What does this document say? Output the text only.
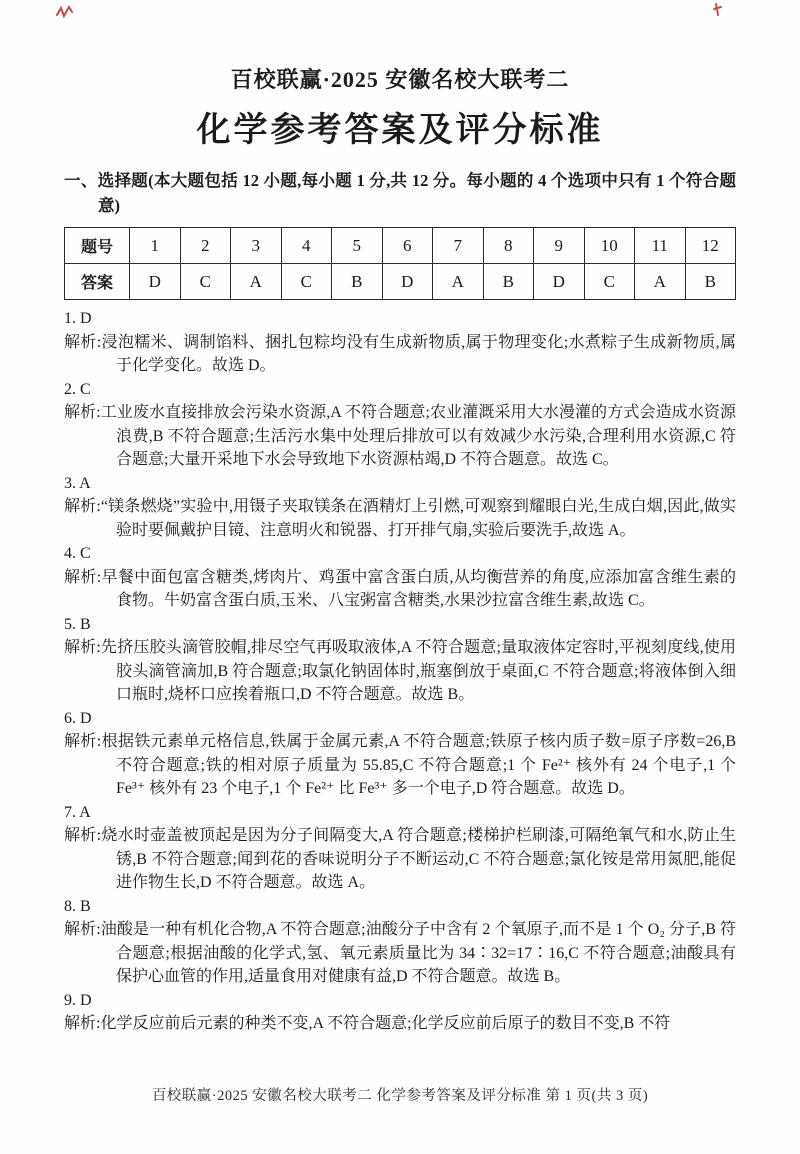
百校联赢·2025 安徽名校大联考二
化学参考答案及评分标准

一、选择题(本大题包括 12 小题,每小题 1 分,共 12 分。每小题的 4 个选项中只有 1 个符合题意)

题号	1	2	3	4	5	6	7	8	9	10	11	12
答案	D	C	A	C	B	D	A	B	D	C	A	B
1. D

解析:浸泡糯米、调制馅料、捆扎包粽均没有生成新物质,属于物理变化;水煮粽子生成新物质,属于化学变化。故选 D。

2. C

解析:工业废水直接排放会污染水资源,A 不符合题意;农业灌溉采用大水漫灌的方式会造成水资源浪费,B 不符合题意;生活污水集中处理后排放可以有效减少水污染,合理利用水资源,C 符合题意;大量开采地下水会导致地下水资源枯竭,D 不符合题意。故选 C。

3. A

解析:“镁条燃烧”实验中,用镊子夹取镁条在酒精灯上引燃,可观察到耀眼白光,生成白烟,因此,做实验时要佩戴护目镜、注意明火和锐器、打开排气扇,实验后要洗手,故选 A。

4. C

解析:早餐中面包富含糖类,烤肉片、鸡蛋中富含蛋白质,从均衡营养的角度,应添加富含维生素的食物。牛奶富含蛋白质,玉米、八宝粥富含糖类,水果沙拉富含维生素,故选 C。

5. B

解析:先挤压胶头滴管胶帽,排尽空气再吸取液体,A 不符合题意;量取液体定容时,平视刻度线,使用胶头滴管滴加,B 符合题意;取氯化钠固体时,瓶塞倒放于桌面,C 不符合题意;将液体倒入细口瓶时,烧杯口应挨着瓶口,D 不符合题意。故选 B。

6. D

解析:根据铁元素单元格信息,铁属于金属元素,A 不符合题意;铁原子核内质子数=原子序数=26,B 不符合题意;铁的相对原子质量为 55.85,C 不符合题意;1 个 Fe²⁺ 核外有 24 个电子,1 个 Fe³⁺ 核外有 23 个电子,1 个 Fe²⁺ 比 Fe³⁺ 多一个电子,D 符合题意。故选 D。

7. A

解析:烧水时壶盖被顶起是因为分子间隔变大,A 符合题意;楼梯护栏刷漆,可隔绝氧气和水,防止生锈,B 不符合题意;闻到花的香味说明分子不断运动,C 不符合题意;氯化铵是常用氮肥,能促进作物生长,D 不符合题意。故选 A。

8. B

解析:油酸是一种有机化合物,A 不符合题意;油酸分子中含有 2 个氧原子,而不是 1 个 O₂ 分子,B 符合题意;根据油酸的化学式,氢、氧元素质量比为 34∶32=17∶16,C 不符合题意;油酸具有保护心血管的作用,适量食用对健康有益,D 不符合题意。故选 B。

9. D

解析:化学反应前后元素的种类不变,A 不符合题意;化学反应前后原子的数目不变,B 不符

百校联赢·2025 安徽名校大联考二 化学参考答案及评分标准 第 1 页(共 3 页)
